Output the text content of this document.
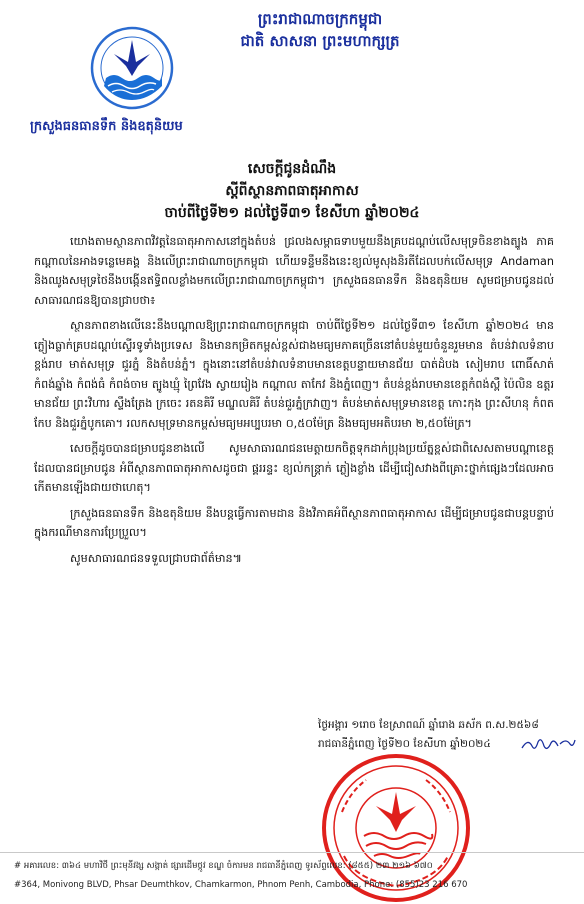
ព្រះរាជាណាចក្រកម្ពុជា
ជាតិ សាសនា ព្រះមហាក្សត្រ
ក្រសួងធនធានទឹក និងឧតុនិយម
សេចក្តីជូនដំណឹង
ស្តីពីស្ថានភាពធាតុអាកាស
ចាប់ពីថ្ងៃទី២១ ដល់ថ្ងៃទី៣១ ខែសីហា ឆ្នាំ២០២៤

យោងតាមស្ថានភាពវិវត្តនៃធាតុអាកាសនៅក្នុងតំបន់ ជ្រលងសម្ពាធទាបមួយនឹងគ្របដណ្តប់លើសមុទ្រចិនខាងត្បូង ភាគកណ្តាលនៃអាងទន្លេមេគង្គ និងលើព្រះរាជាណាចក្រកម្ពុជា ហើយទន្ទឹមនឹងនេះខ្យល់មូសុងនិរតីដែលបក់លើសមុទ្រ Andaman និងឈូងសមុទ្រថៃនឹងបង្កើនឥទ្ធិពលខ្លាំងមកលើព្រះរាជាណាចក្រកម្ពុជា។ ក្រសួងធនធានទឹក និងឧតុនិយម សូមជម្រាបជូនដល់សាធារណជនឱ្យបានជ្រាបថា៖

ស្ថានភាពខាងលើនេះនឹងបណ្តាលឱ្យព្រះរាជាណាចក្រកម្ពុជា ចាប់ពីថ្ងៃទី២១ ដល់ថ្ងៃទី៣១ ខែសីហា ឆ្នាំ២០២៤ មានភ្លៀងធ្លាក់គ្របដណ្តប់ស្ទើរទូទាំងប្រទេស និងមានកម្រិតកម្ពស់ខ្ពស់ជាងមធ្យមភាគច្រើននៅតំបន់មួយចំនួនរួមមាន តំបន់វាលទំនាប ខ្ពង់រាប មាត់សមុទ្រ ជួរភ្នំ និងតំបន់ភ្នំ។ ក្នុងនោះនៅតំបន់វាលទំនាបមានខេត្តបន្ទាយមានជ័យ បាត់ដំបង សៀមរាប ពោធិ៍សាត់ កំពង់ឆ្នាំង កំពង់ធំ កំពង់ចាម ត្បូងឃ្មុំ ព្រៃវែង ស្វាយរៀង កណ្តាល តាកែវ និងភ្នំពេញ។ តំបន់ខ្ពង់រាបមានខេត្តកំពង់ស្ពឺ ប៉ៃលិន ឧត្តរមានជ័យ ព្រះវិហារ ស្ទឹងត្រែង ក្រចេះ រតនគិរី មណ្ឌលគិរី តំបន់ជួរភ្នំក្រវាញ។ តំបន់មាត់សមុទ្រមានខេត្ត កោះកុង ព្រះសីហនុ កំពត កែប និងជួរភ្នំបូកគោ។ រលកសមុទ្រមានកម្ពស់មធ្យមអប្បបរមា ០,៥០ម៉ែត្រ និងមធ្យមអតិបរមា ២,៥០ម៉ែត្រ។

សេចក្តីដូចបានជម្រាបជូនខាងលើ សូមសាធារណជនមេត្តាយកចិត្តទុកដាក់ប្រុងប្រយ័ត្នខ្ពស់ជាពិសេសតាមបណ្តាខេត្តដែលបានជម្រាបជូន អំពីស្ថានភាពធាតុអាកាសដូចជា ផ្គររន្ទះ ខ្យល់កន្ត្រាក់ ភ្លៀងខ្លាំង ដើម្បីជៀសវាងពីគ្រោះថ្នាក់ផ្សេងៗដែលអាចកើតមានឡើងជាយថាហេតុ។

ក្រសួងធនធានទឹក និងឧតុនិយម នឹងបន្តធ្វើការតាមដាន និងវិភាគអំពីស្ថានភាពធាតុអាកាស ដើម្បីជម្រាបជូនជាបន្តបន្ទាប់ ក្នុងករណីមានការប្រែប្រួល។

សូមសាធារណជនទទួលជ្រាបជាព័ត៌មាន៕

ថ្ងៃអង្គារ ១រោច ខែស្រាពណ៍ ឆ្នាំរោង ឆស័ក ព.ស.២៥៦៨
រាជធានីភ្នំពេញ ថ្ងៃទី២០ ខែសីហា ឆ្នាំ២០២៤
# អគារលេខ: ៣៦៤ មហាវិថី ព្រះមុនីវង្ស សង្កាត់ ផ្សារដើមថ្កូវ ខណ្ឌ ចំការមន រាជធានីភ្នំពេញ ទូរស័ព្ទលេខ: (៨៥៥) ២៣ ២១៦ ៦៧០
#364, Monivong BLVD, Phsar Deumthkov, Chamkarmon, Phnom Penh, Cambodia, Phone: (855)23 216 670
